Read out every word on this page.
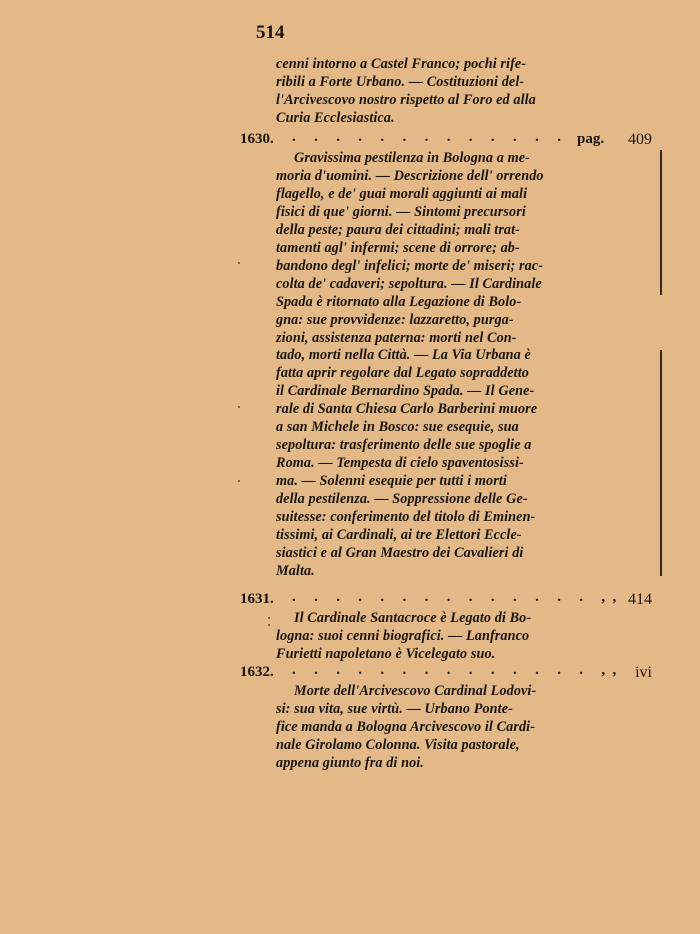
514
cenni intorno a Castel Franco; pochi rife-
ribili a Forte Urbano. — Costituzioni del-
l'Arcivescovo nostro rispetto al Foro ed alla
Curia Ecclesiastica.
1630. . . . . . . . . . . . . . pag. 409
Gravissima pestilenza in Bologna a me-
moria d'uomini. — Descrizione dell' orrendo
flagello, e de' guai morali aggiunti ai mali
fisici di que' giorni. — Sintomi precursori
della peste; paura dei cittadini; mali trat-
tamenti agl' infermi; scene di orrore; ab-
bandono degl' infelici; morte de' miseri; rac-
colta de' cadaveri; sepoltura. — Il Cardinale
Spada è ritornato alla Legazione di Bolo-
gna: sue provvidenze: lazzaretto, purga-
zioni, assistenza paterna: morti nel Con-
tado, morti nella Città. — La Via Urbana è
fatta aprir regolare dal Legato sopraddetto
il Cardinale Bernardino Spada. — Il Gene-
rale di Santa Chiesa Carlo Barberini muore
a san Michele in Bosco: sue esequie, sua
sepoltura: trasferimento delle sue spoglie a
Roma. — Tempesta di cielo spaventosissi-
ma. — Solenni esequie per tutti i morti
della pestilenza. — Soppressione delle Ge-
suitesse: conferimento del titolo di Eminen-
tissimi, ai Cardinali, ai tre Elettori Eccle-
siastici e al Gran Maestro dei Cavalieri di
Malta.
1631. . . . . . . . . . . . . . . ,, 414
Il Cardinale Santacroce è Legato di Bo-
logna: suoi cenni biografici. — Lanfranco
Furietti napoletano è Vicelegato suo.
1632. . . . . . . . . . . . . . . ,, ivi
Morte dell'Arcivescovo Cardinal Lodovi-
si: sua vita, sue virtù. — Urbano Ponte-
fice manda a Bologna Arcivescovo il Cardi-
nale Girolamo Colonna. Visita pastorale,
appena giunto fra di noi.
